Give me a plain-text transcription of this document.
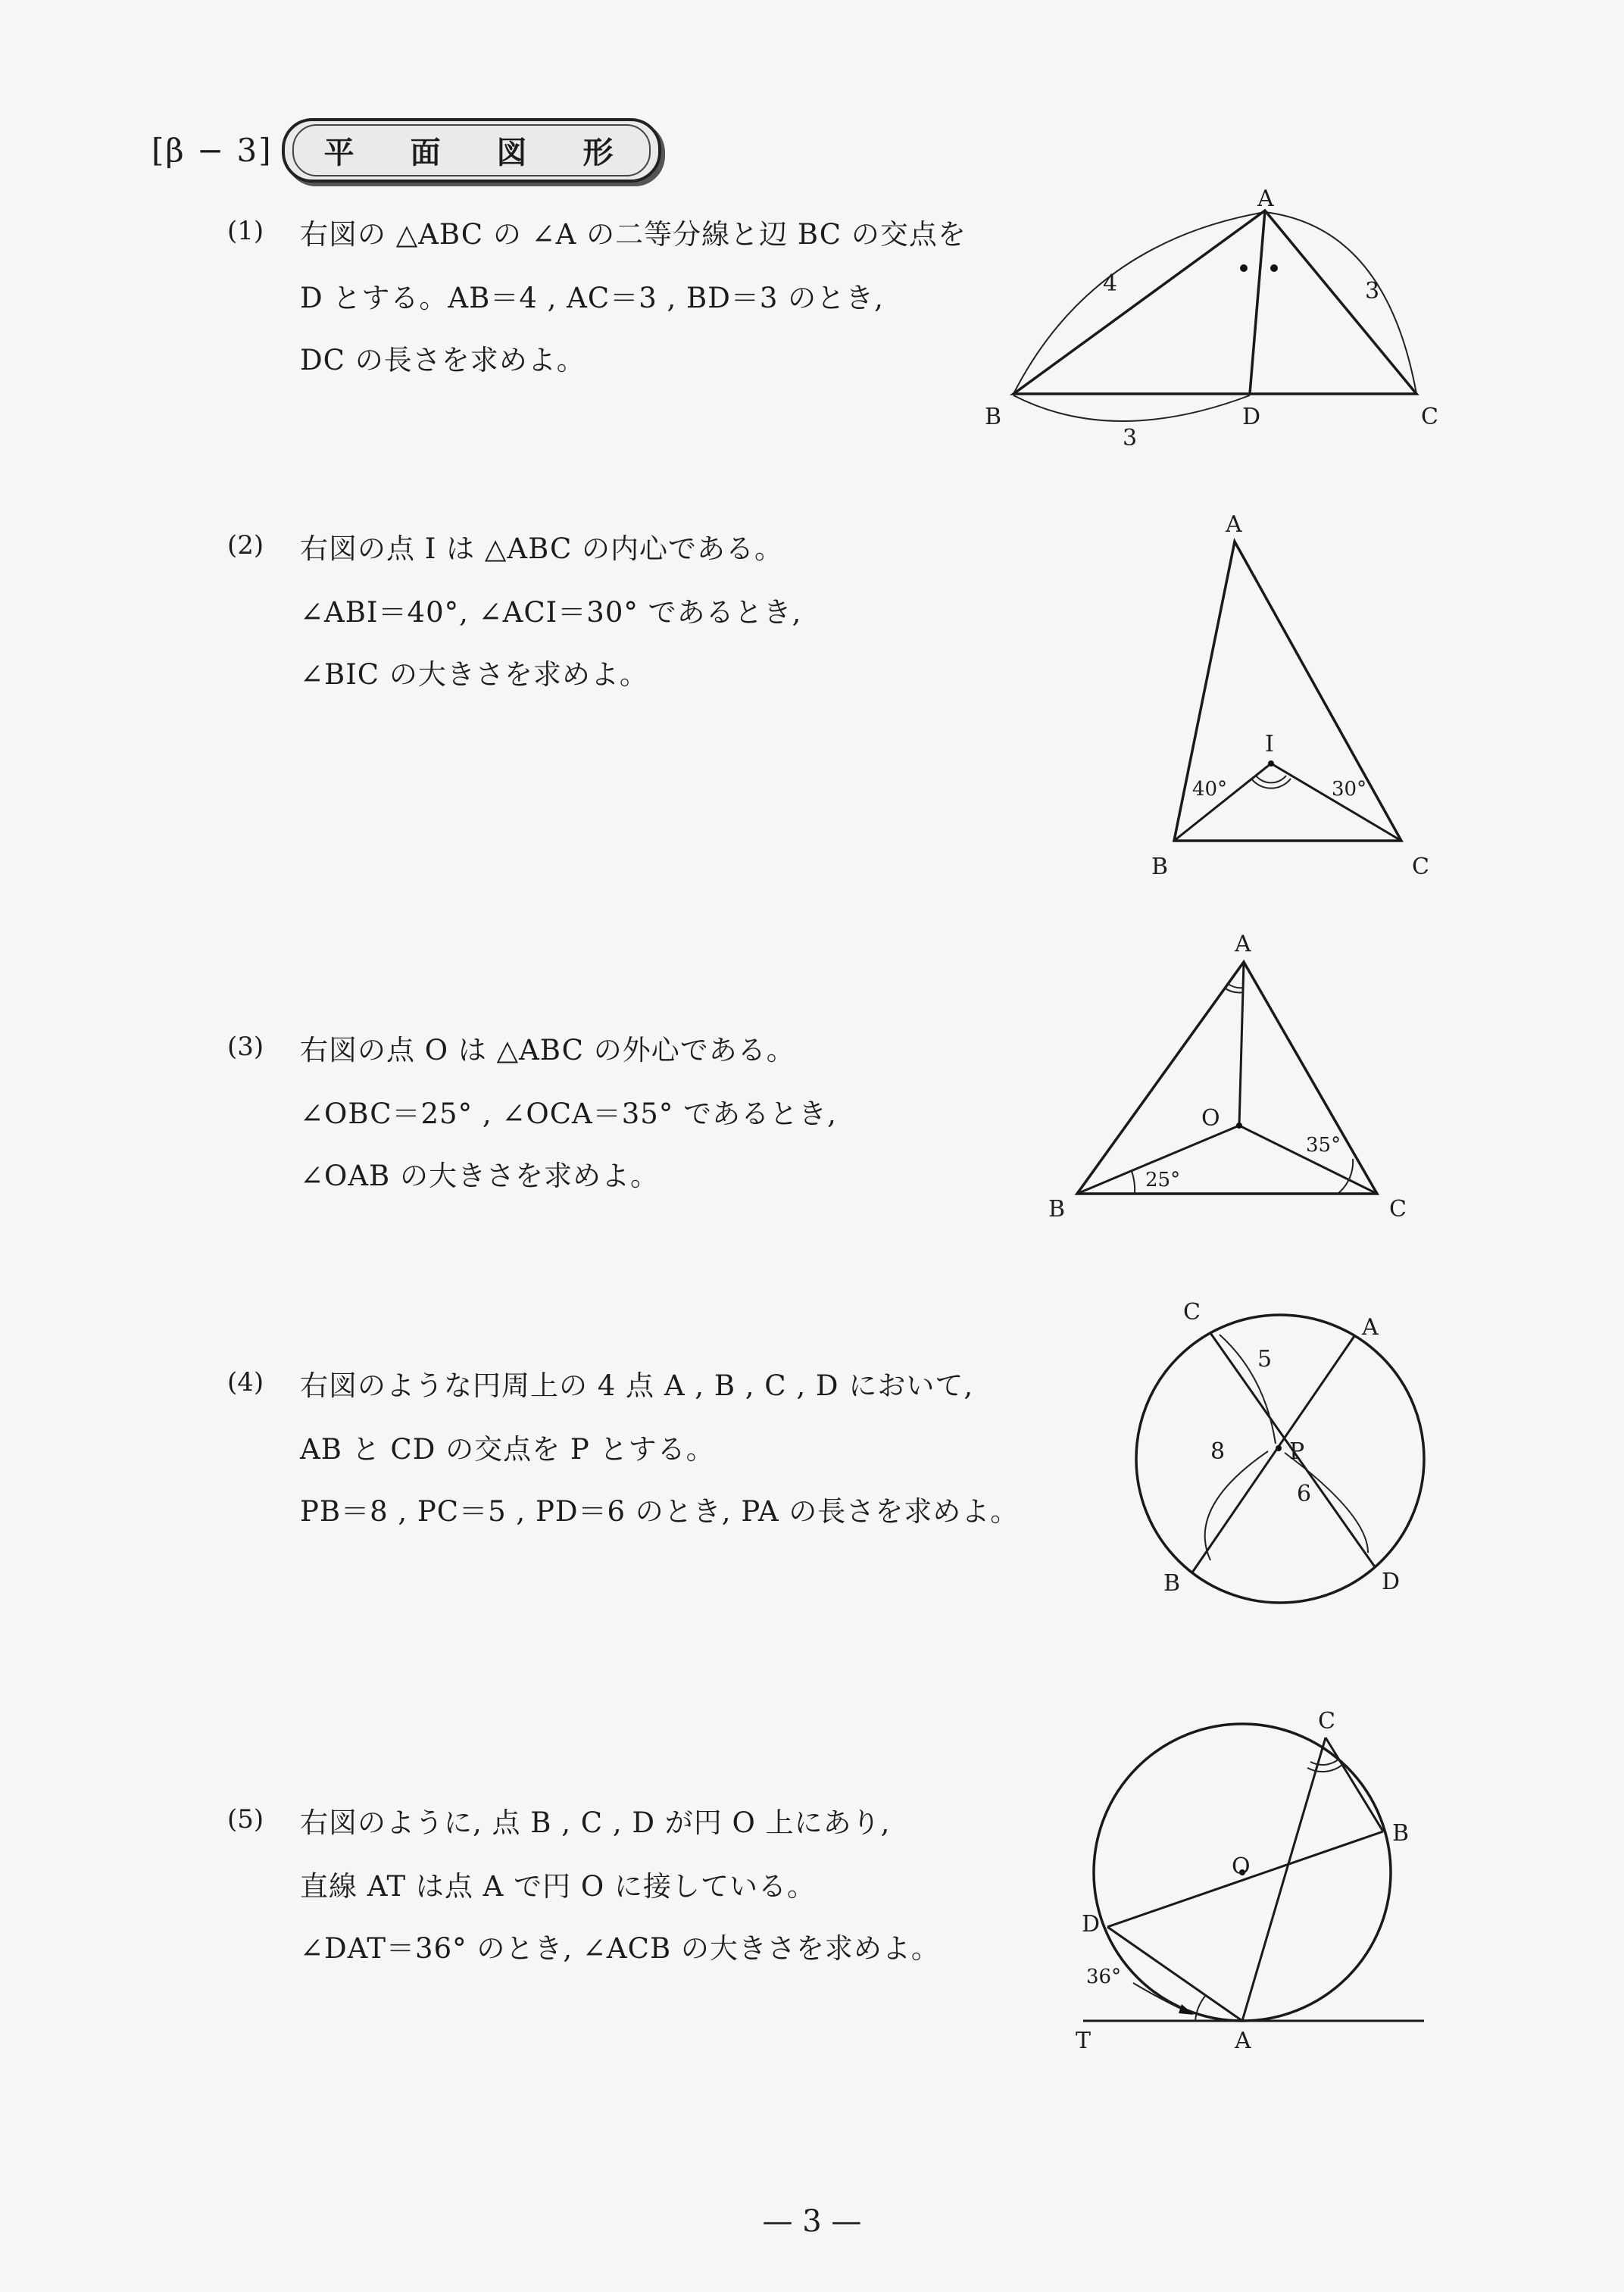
[β − 3]	平 面 図 形
(1) 右図の △ABC の ∠A の二等分線と辺 BC の交点を
D とする。AB＝4 , AC＝3 , BD＝3 のとき,
DC の長さを求めよ。
A
B	D	C
4	3
3
(2) 右図の点 I は △ABC の内心である。
∠ABI＝40°, ∠ACI＝30° であるとき,
∠BIC の大きさを求めよ。
A
B	C
I
40°	30°
(3) 右図の点 O は △ABC の外心である。
∠OBC＝25° , ∠OCA＝35° であるとき,
∠OAB の大きさを求めよ。
A
B	C
O
25°
35°
(4) 右図のような円周上の 4 点 A , B , C , D において,
AB と CD の交点を P とする。
PB＝8 , PC＝5 , PD＝6 のとき, PA の長さを求めよ。
A
B
C
D
P
8
5
6
(5) 右図のように, 点 B , C , D が円 O 上にあり,
直線 AT は点 A で円 O に接している。
∠DAT＝36° のとき, ∠ACB の大きさを求めよ。
C
B
D
O
A
T
36°
— 3 —
